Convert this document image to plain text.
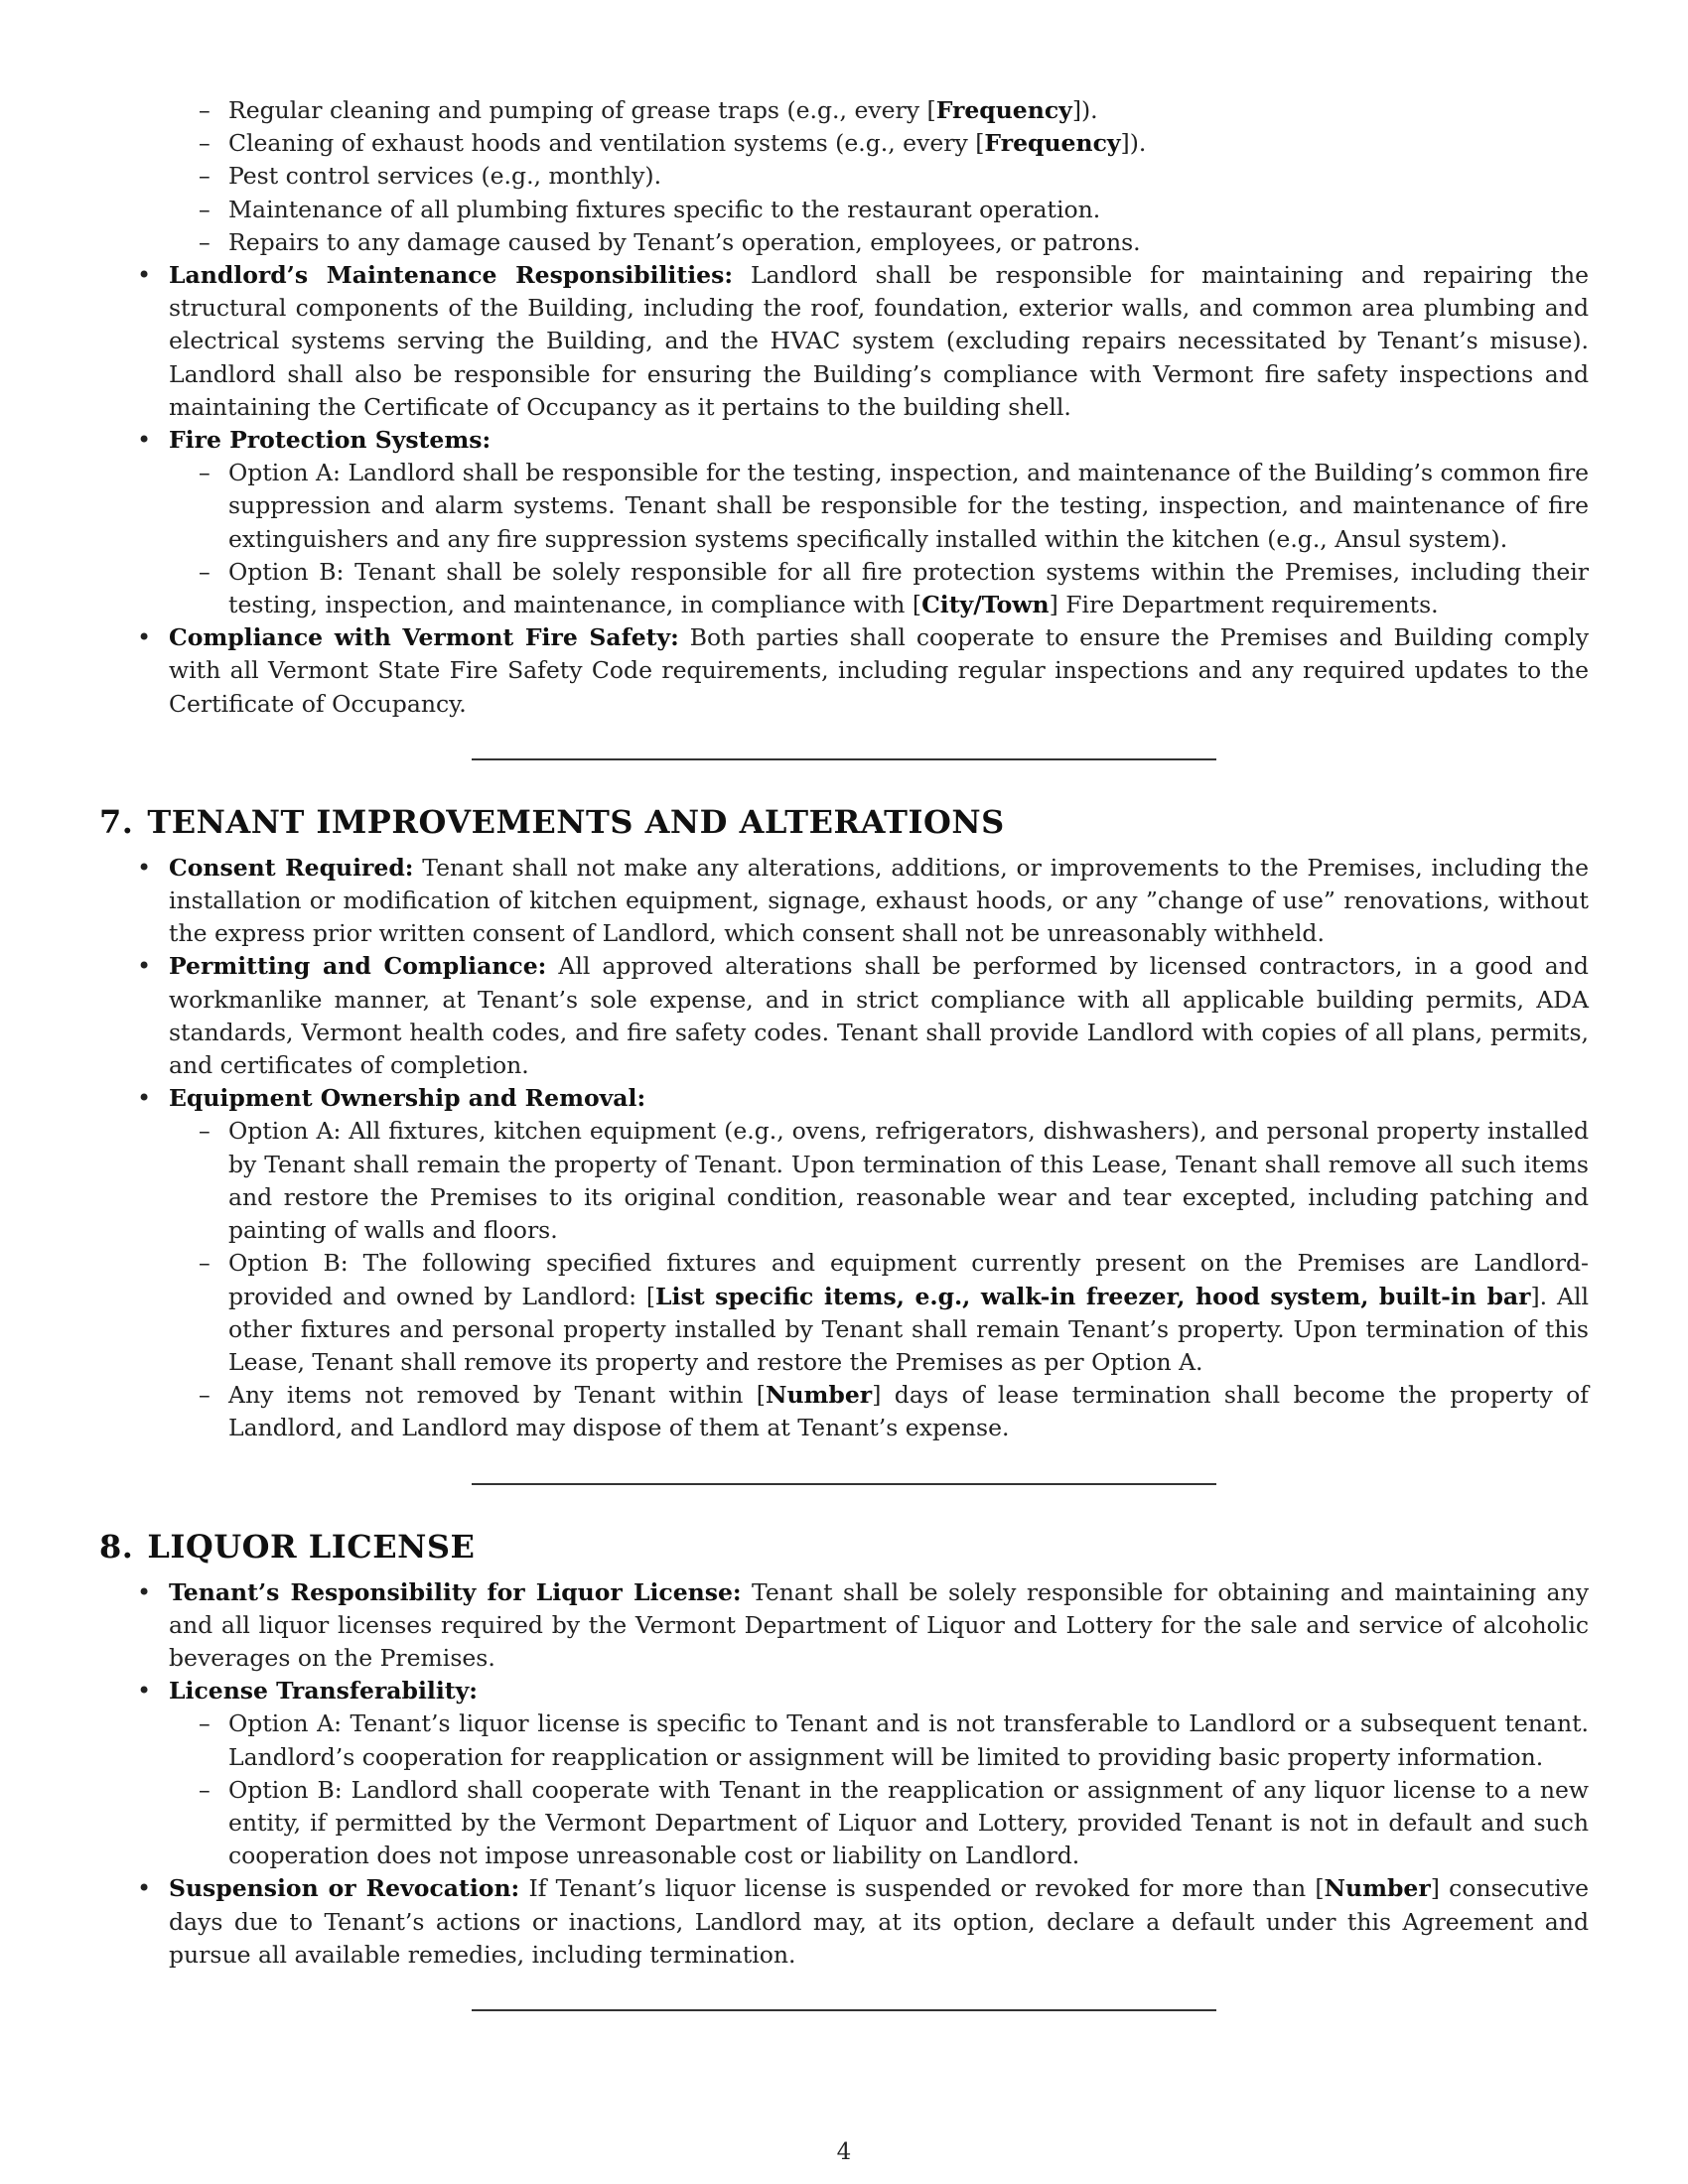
– Regular cleaning and pumping of grease traps (e.g., every [Frequency]).
– Cleaning of exhaust hoods and ventilation systems (e.g., every [Frequency]).
– Pest control services (e.g., monthly).
– Maintenance of all plumbing fixtures specific to the restaurant operation.
– Repairs to any damage caused by Tenant’s operation, employees, or patrons.
• Landlord’s Maintenance Responsibilities: Landlord shall be responsible for maintaining and repairing the structural components of the Building, including the roof, foundation, exterior walls, and common area plumbing and electrical systems serving the Building, and the HVAC system (excluding repairs necessitated by Tenant’s misuse). Landlord shall also be responsible for ensuring the Building’s compliance with Vermont fire safety inspections and maintaining the Certificate of Occupancy as it pertains to the building shell.
• Fire Protection Systems:
– Option A: Landlord shall be responsible for the testing, inspection, and maintenance of the Building’s common fire suppression and alarm systems. Tenant shall be responsible for the testing, inspection, and maintenance of fire extinguishers and any fire suppression systems specifically installed within the kitchen (e.g., Ansul system).
– Option B: Tenant shall be solely responsible for all fire protection systems within the Premises, including their testing, inspection, and maintenance, in compliance with [City/Town] Fire Department requirements.
• Compliance with Vermont Fire Safety: Both parties shall cooperate to ensure the Premises and Building comply with all Vermont State Fire Safety Code requirements, including regular inspections and any required updates to the Certificate of Occupancy.
7. TENANT IMPROVEMENTS AND ALTERATIONS
• Consent Required: Tenant shall not make any alterations, additions, or improvements to the Premises, including the installation or modification of kitchen equipment, signage, exhaust hoods, or any ”change of use” renovations, without the express prior written consent of Landlord, which consent shall not be unreasonably withheld.
• Permitting and Compliance: All approved alterations shall be performed by licensed contractors, in a good and workmanlike manner, at Tenant’s sole expense, and in strict compliance with all applicable building permits, ADA standards, Vermont health codes, and fire safety codes. Tenant shall provide Landlord with copies of all plans, permits, and certificates of completion.
• Equipment Ownership and Removal:
– Option A: All fixtures, kitchen equipment (e.g., ovens, refrigerators, dishwashers), and personal property installed by Tenant shall remain the property of Tenant. Upon termination of this Lease, Tenant shall remove all such items and restore the Premises to its original condition, reasonable wear and tear excepted, including patching and painting of walls and floors.
– Option B: The following specified fixtures and equipment currently present on the Premises are Landlord-provided and owned by Landlord: [List specific items, e.g., walk-in freezer, hood system, built-in bar]. All other fixtures and personal property installed by Tenant shall remain Tenant’s property. Upon termination of this Lease, Tenant shall remove its property and restore the Premises as per Option A.
– Any items not removed by Tenant within [Number] days of lease termination shall become the property of Landlord, and Landlord may dispose of them at Tenant’s expense.
8. LIQUOR LICENSE
• Tenant’s Responsibility for Liquor License: Tenant shall be solely responsible for obtaining and maintaining any and all liquor licenses required by the Vermont Department of Liquor and Lottery for the sale and service of alcoholic beverages on the Premises.
• License Transferability:
– Option A: Tenant’s liquor license is specific to Tenant and is not transferable to Landlord or a subsequent tenant. Landlord’s cooperation for reapplication or assignment will be limited to providing basic property information.
– Option B: Landlord shall cooperate with Tenant in the reapplication or assignment of any liquor license to a new entity, if permitted by the Vermont Department of Liquor and Lottery, provided Tenant is not in default and such cooperation does not impose unreasonable cost or liability on Landlord.
• Suspension or Revocation: If Tenant’s liquor license is suspended or revoked for more than [Number] consecutive days due to Tenant’s actions or inactions, Landlord may, at its option, declare a default under this Agreement and pursue all available remedies, including termination.
4
